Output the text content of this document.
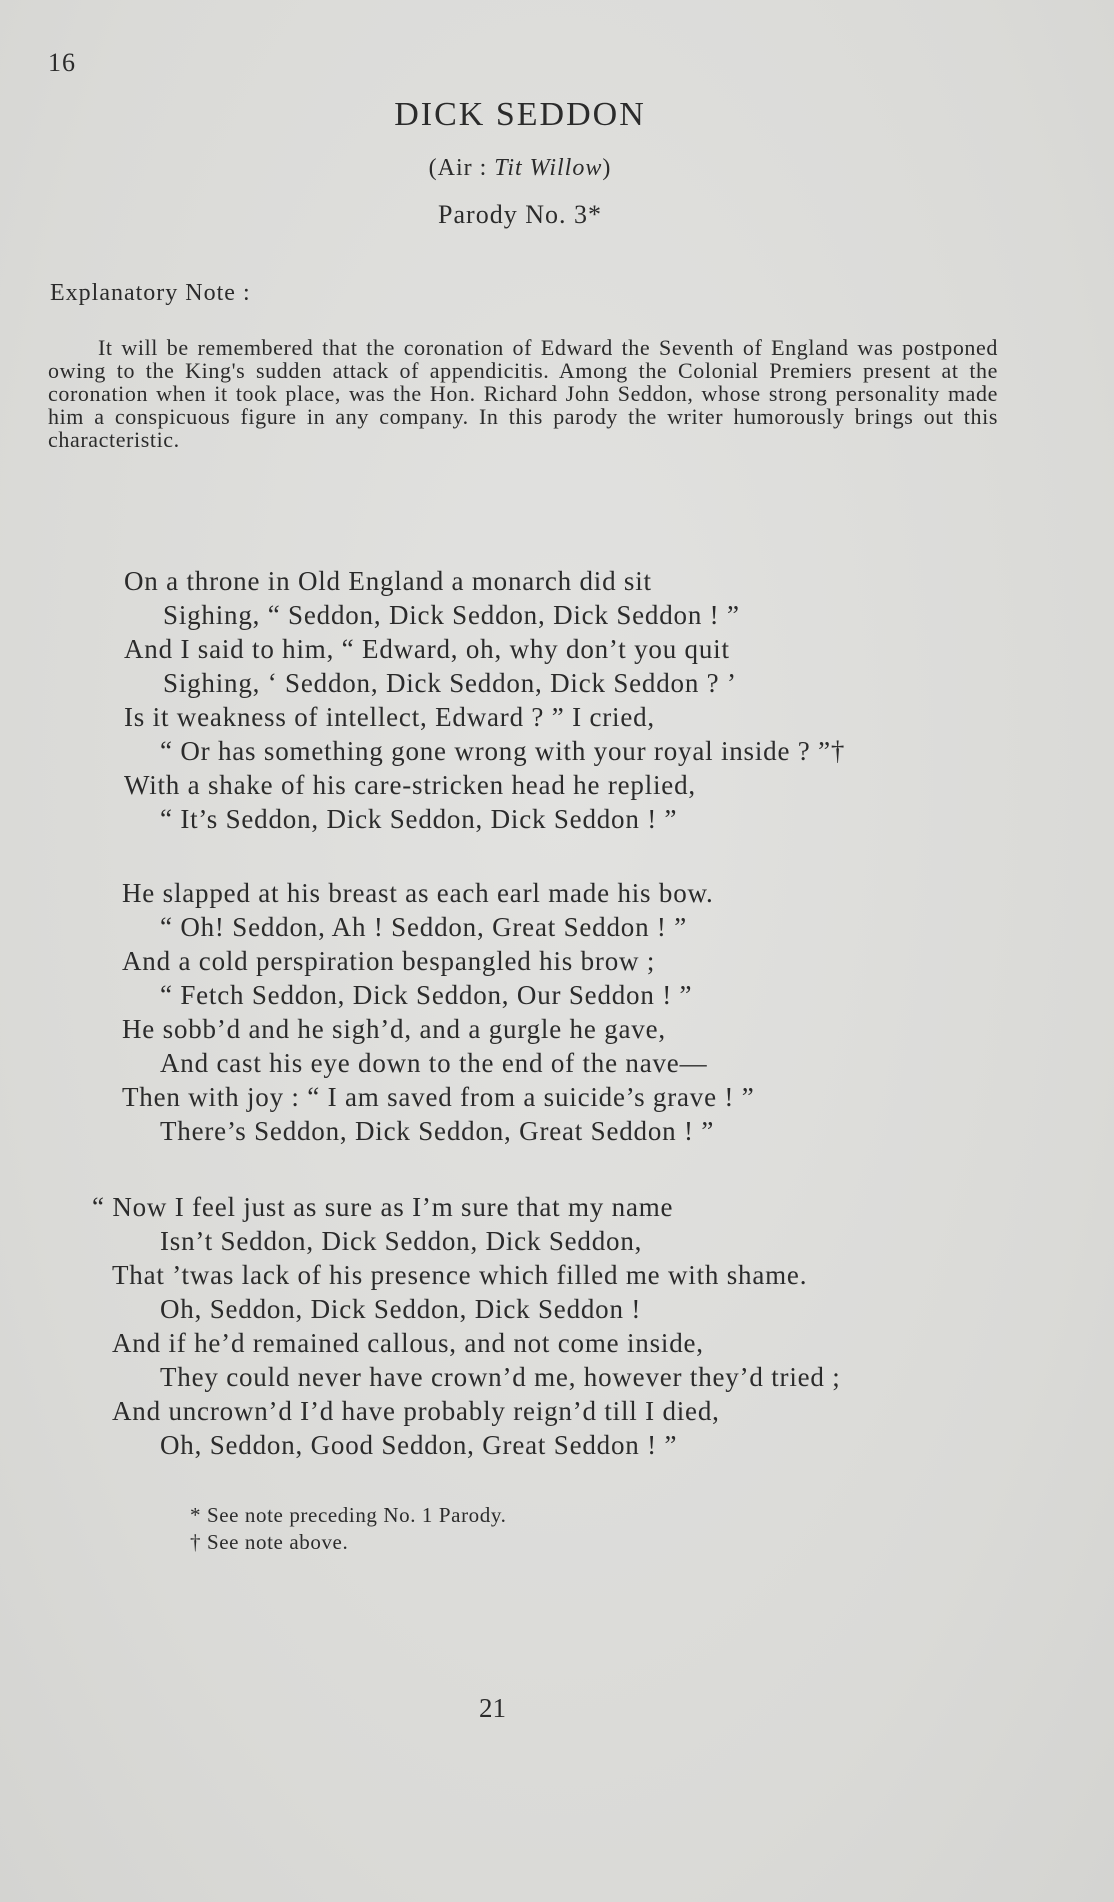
16
DICK SEDDON
(Air : Tit Willow)
Parody No. 3*
Explanatory Note :
It will be remembered that the coronation of Edward the Seventh of England was postponed owing to the King's sudden attack of appendicitis. Among the Colonial Premiers present at the coronation when it took place, was the Hon. Richard John Seddon, whose strong personality made him a conspicuous figure in any company. In this parody the writer humorously brings out this characteristic.
On a throne in Old England a monarch did sit
Sighing, “ Seddon, Dick Seddon, Dick Seddon ! ”
And I said to him, “ Edward, oh, why don’t you quit
Sighing, ‘ Seddon, Dick Seddon, Dick Seddon ? ’
Is it weakness of intellect, Edward ? ” I cried,
“ Or has something gone wrong with your royal inside ? ”†
With a shake of his care-stricken head he replied,
“ It’s Seddon, Dick Seddon, Dick Seddon ! ”
He slapped at his breast as each earl made his bow.
“ Oh! Seddon, Ah ! Seddon, Great Seddon ! ”
And a cold perspiration bespangled his brow ;
“ Fetch Seddon, Dick Seddon, Our Seddon ! ”
He sobb’d and he sigh’d, and a gurgle he gave,
And cast his eye down to the end of the nave—
Then with joy : “ I am saved from a suicide’s grave ! ”
There’s Seddon, Dick Seddon, Great Seddon ! ”
“ Now I feel just as sure as I’m sure that my name
Isn’t Seddon, Dick Seddon, Dick Seddon,
That ’twas lack of his presence which filled me with shame.
Oh, Seddon, Dick Seddon, Dick Seddon !
And if he’d remained callous, and not come inside,
They could never have crown’d me, however they’d tried ;
And uncrown’d I’d have probably reign’d till I died,
Oh, Seddon, Good Seddon, Great Seddon ! ”
* See note preceding No. 1 Parody.
† See note above.
21
